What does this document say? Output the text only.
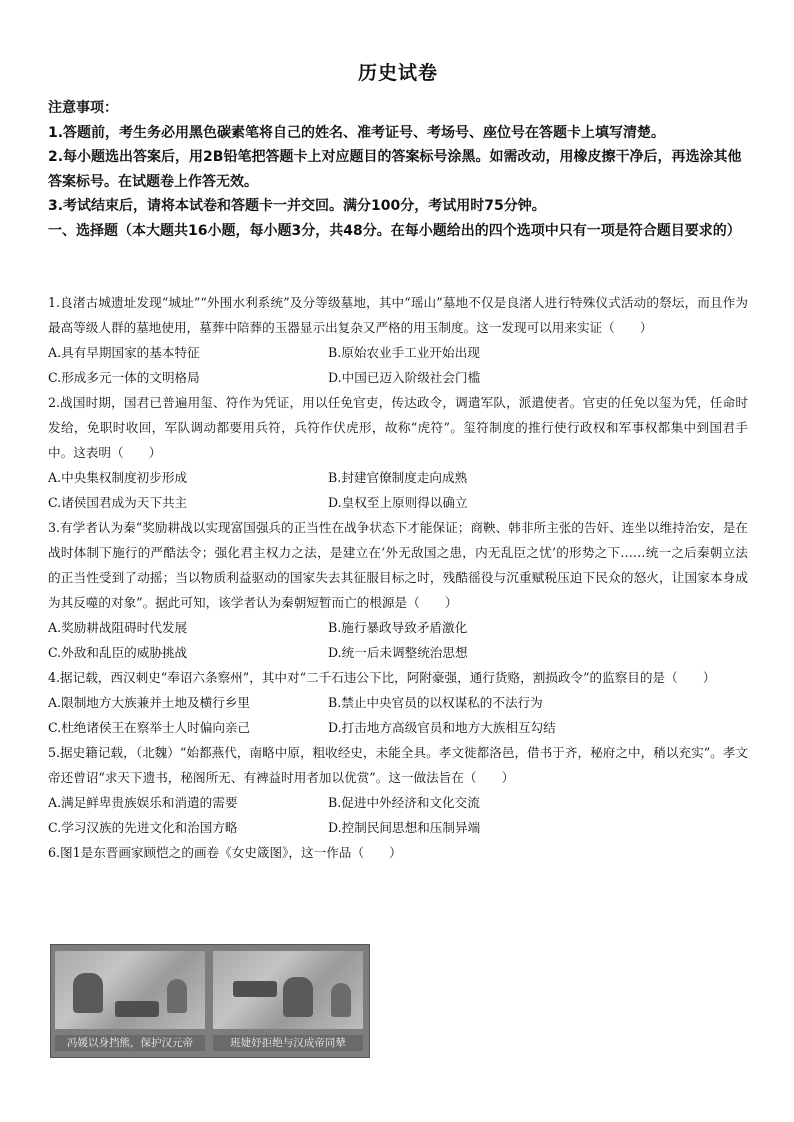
历史试卷
注意事项：
1.答题前，考生务必用黑色碳素笔将自己的姓名、准考证号、考场号、座位号在答题卡上填写清楚。
2.每小题选出答案后，用2B铅笔把答题卡上对应题目的答案标号涂黑。如需改动，用橡皮擦干净后，再选涂其他答案标号。在试题卷上作答无效。
3.考试结束后，请将本试卷和答题卡一并交回。满分100分，考试用时75分钟。
一、选择题（本大题共16小题，每小题3分，共48分。在每小题给出的四个选项中只有一项是符合题目要求的）
1.良渚古城遗址发现“城址”“外围水利系统”及分等级墓地，其中“瑶山”墓地不仅是良渚人进行特殊仪式活动的祭坛，而且作为最高等级人群的墓地使用，墓葬中陪葬的玉器显示出复杂又严格的用玉制度。这一发现可以用来实证（　　）
A.具有早期国家的基本特征	B.原始农业手工业开始出现
C.形成多元一体的文明格局	D.中国已迈入阶级社会门槛
2.战国时期，国君已普遍用玺、符作为凭证，用以任免官吏，传达政令，调遣军队，派遣使者。官吏的任免以玺为凭，任命时发给，免职时收回，军队调动都要用兵符，兵符作伏虎形，故称“虎符”。玺符制度的推行使行政权和军事权都集中到国君手中。这表明（　　）
A.中央集权制度初步形成	B.封建官僚制度走向成熟
C.诸侯国君成为天下共主	D.皇权至上原则得以确立
3.有学者认为秦“奖励耕战以实现富国强兵的正当性在战争状态下才能保证；商鞅、韩非所主张的告奸、连坐以维持治安，是在战时体制下施行的严酷法令；强化君主权力之法，是建立在‘外无敌国之患，内无乱臣之忧’的形势之下……统一之后秦朝立法的正当性受到了动摇；当以物质利益驱动的国家失去其征服目标之时，残酷徭役与沉重赋税压迫下民众的怒火，让国家本身成为其反噬的对象”。据此可知，该学者认为秦朝短暂而亡的根源是（　　）
A.奖励耕战阻碍时代发展	B.施行暴政导致矛盾激化
C.外敌和乱臣的威胁挑战	D.统一后未调整统治思想
4.据记载，西汉刺史“奉诏六条察州”，其中对“二千石违公下比，阿附豪强，通行货赂，割损政令”的监察目的是（　　）
A.限制地方大族兼并土地及横行乡里	B.禁止中央官员的以权谋私的不法行为
C.杜绝诸侯王在察举士人时偏向亲己	D.打击地方高级官员和地方大族相互勾结
5.据史籍记载，（北魏）“始都燕代，南略中原，粗收经史，未能全具。孝文徙都洛邑，借书于齐，秘府之中，稍以充实”。孝文帝还曾诏“求天下遗书，秘阁所无、有裨益时用者加以优赏”。这一做法旨在（　　）
A.满足鲜卑贵族娱乐和消遣的需要	B.促进中外经济和文化交流
C.学习汉族的先进文化和治国方略	D.控制民间思想和压制异端
6.图1是东晋画家顾恺之的画卷《女史箴图》，这一作品（　　）
冯媛以身挡熊，保护汉元帝	班婕妤拒绝与汉成帝同辇
